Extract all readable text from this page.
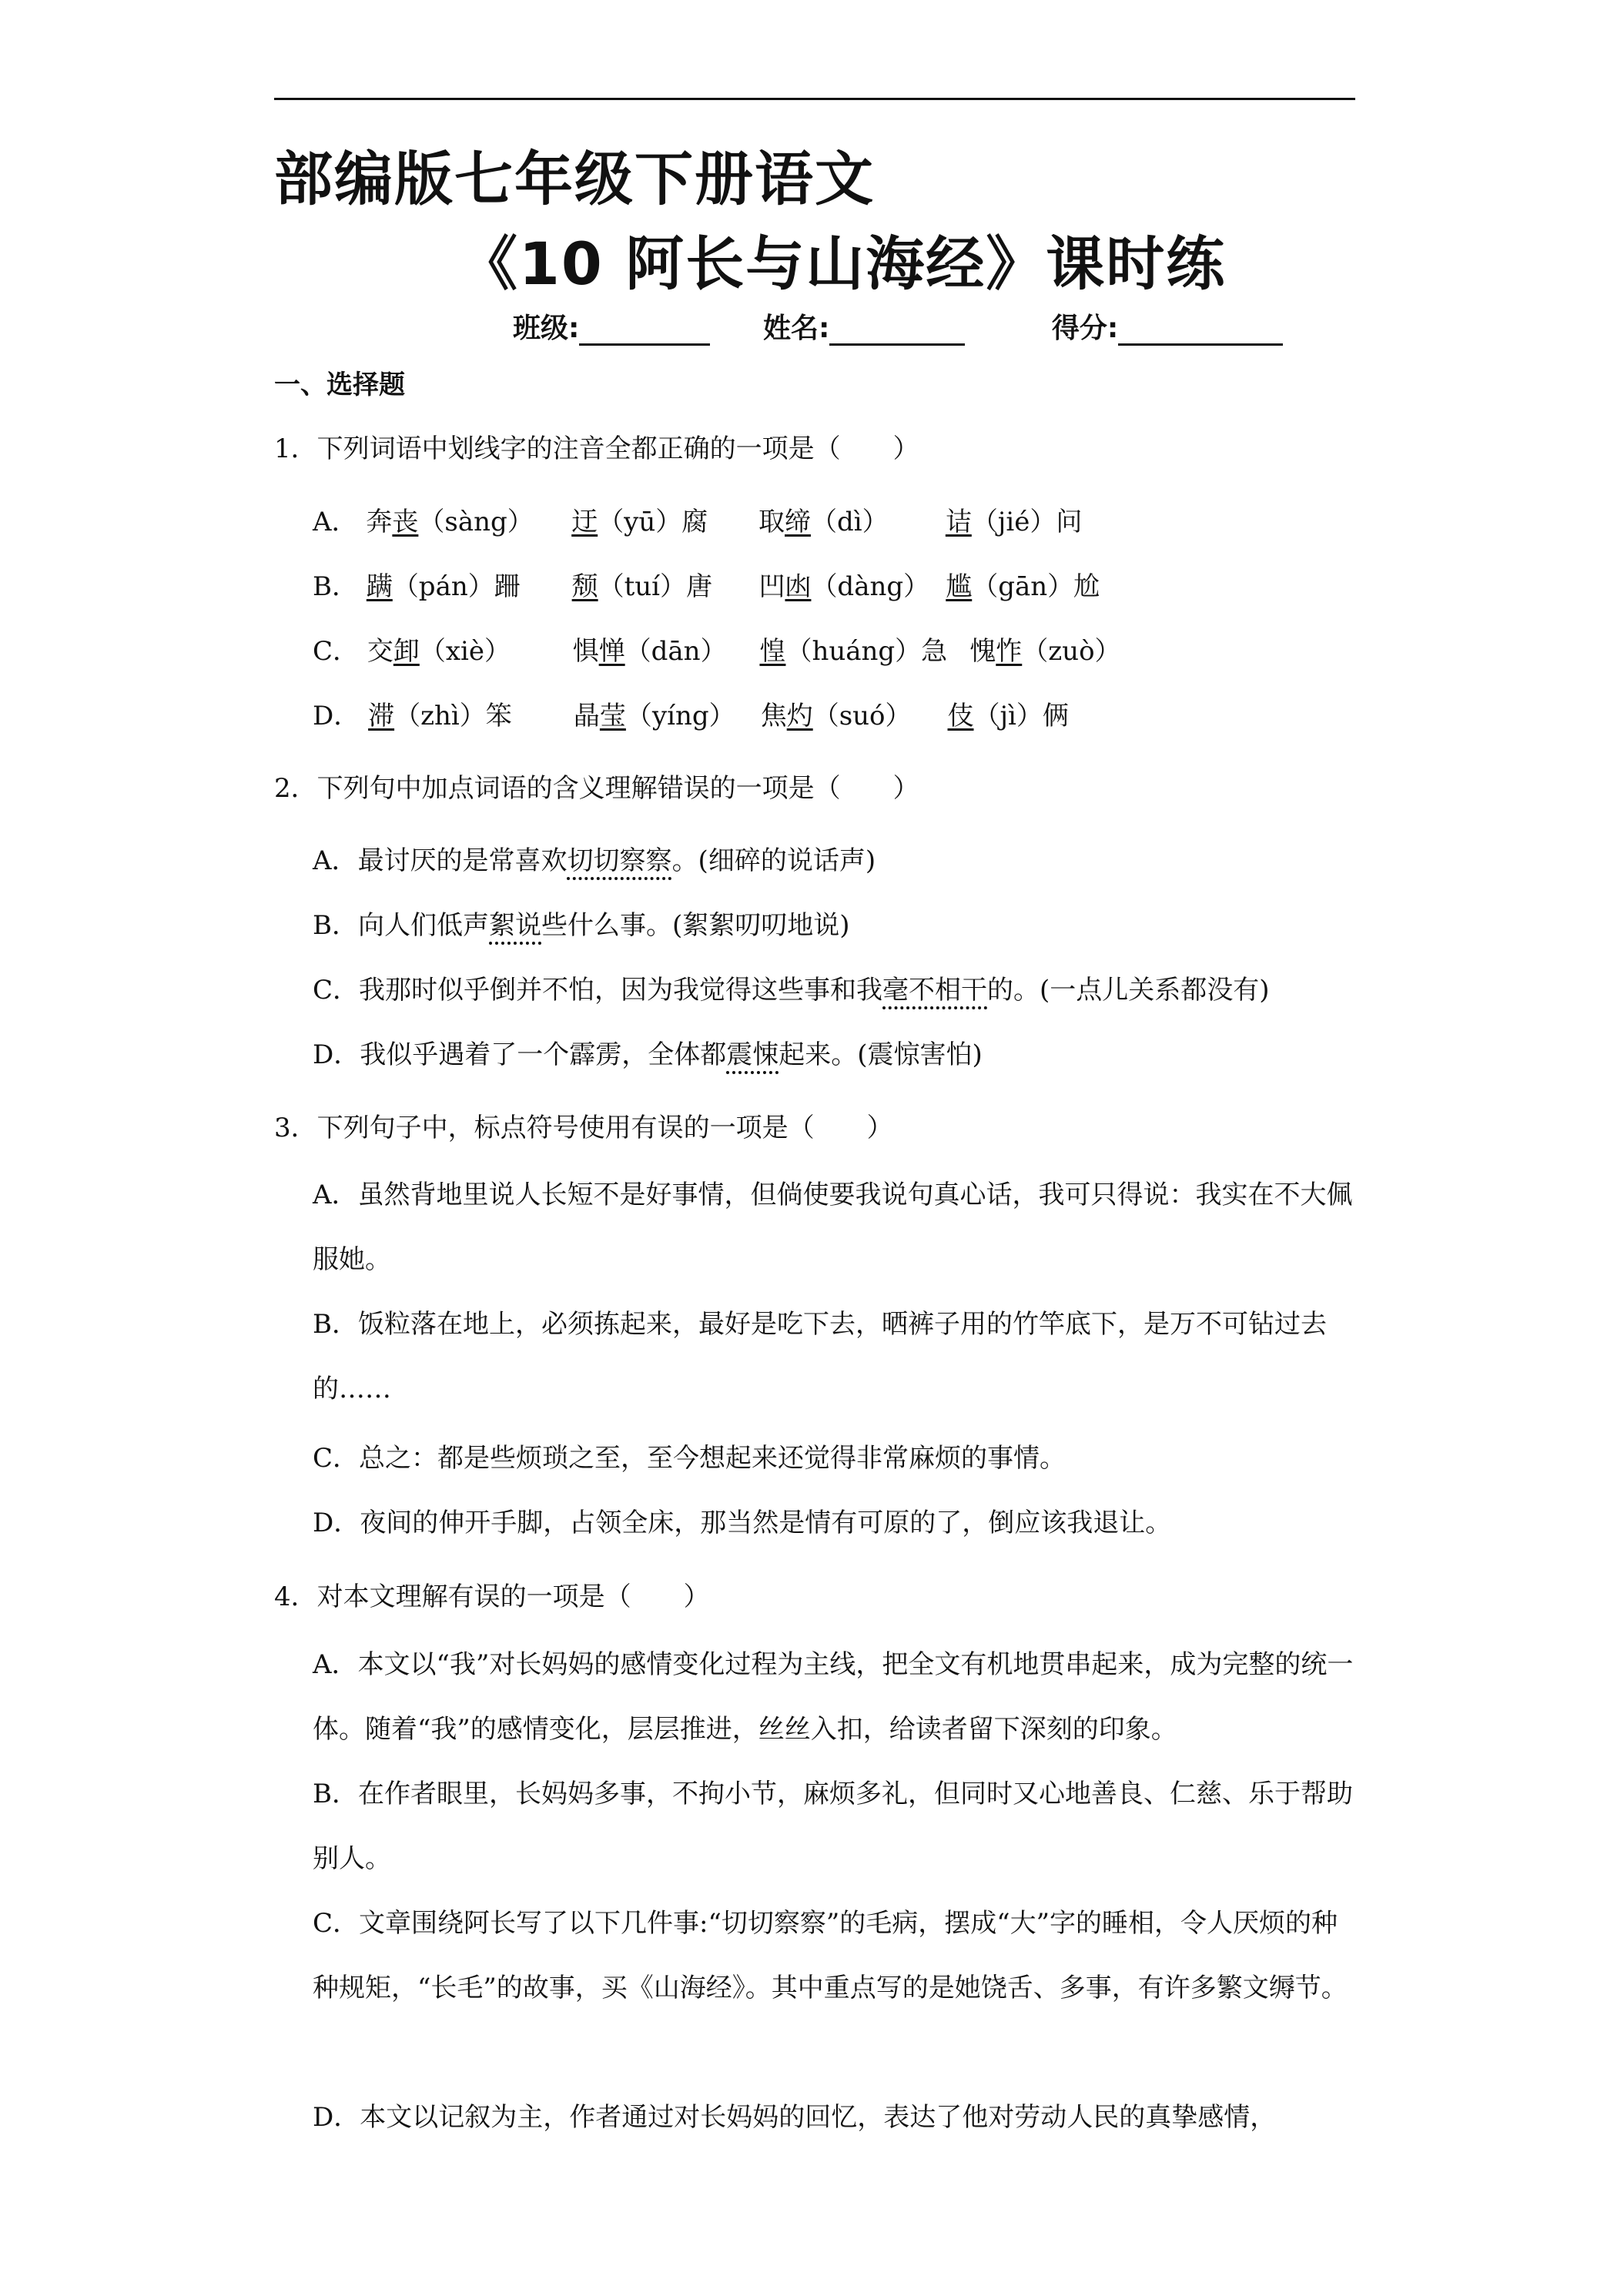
部编版七年级下册语文
《10 阿长与山海经》课时练
班级:	姓名:	得分:
一、选择题
1．下列词语中划线字的注音全都正确的一项是（　　）
A． 奔丧（sàng） 迂（yū）腐 取缔（dì） 诘（jié）问
B． 蹒（pán）跚 颓（tuí）唐 凹凼（dàng） 尴（gān）尬
C． 交卸（xiè） 惧惮（dān） 惶（huáng）急 愧怍（zuò）
D． 滞（zhì）笨 晶莹（yíng） 焦灼（suó） 伎（jì）俩
2．下列句中加点词语的含义理解错误的一项是（　　）
A．最讨厌的是常喜欢切切察察。(细碎的说话声)
B．向人们低声絮说些什么事。(絮絮叨叨地说)
C．我那时似乎倒并不怕，因为我觉得这些事和我毫不相干的。(一点儿关系都没有)
D．我似乎遇着了一个霹雳，全体都震悚起来。(震惊害怕)
3．下列句子中，标点符号使用有误的一项是（　　）
A．虽然背地里说人长短不是好事情，但倘使要我说句真心话，我可只得说：我实在不大佩服她。
B．饭粒落在地上，必须拣起来，最好是吃下去，晒裤子用的竹竿底下，是万不可钻过去的……
C．总之：都是些烦琐之至，至今想起来还觉得非常麻烦的事情。
D．夜间的伸开手脚，占领全床，那当然是情有可原的了，倒应该我退让。
4．对本文理解有误的一项是（　　）
A．本文以“我”对长妈妈的感情变化过程为主线，把全文有机地贯串起来，成为完整的统一体。随着“我”的感情变化，层层推进，丝丝入扣，给读者留下深刻的印象。
B．在作者眼里，长妈妈多事，不拘小节，麻烦多礼，但同时又心地善良、仁慈、乐于帮助别人。
C．文章围绕阿长写了以下几件事:“切切察察”的毛病，摆成“大”字的睡相，令人厌烦的种种规矩，“长毛”的故事，买《山海经》。其中重点写的是她饶舌、多事，有许多繁文缛节。
D．本文以记叙为主，作者通过对长妈妈的回忆，表达了他对劳动人民的真挚感情，
